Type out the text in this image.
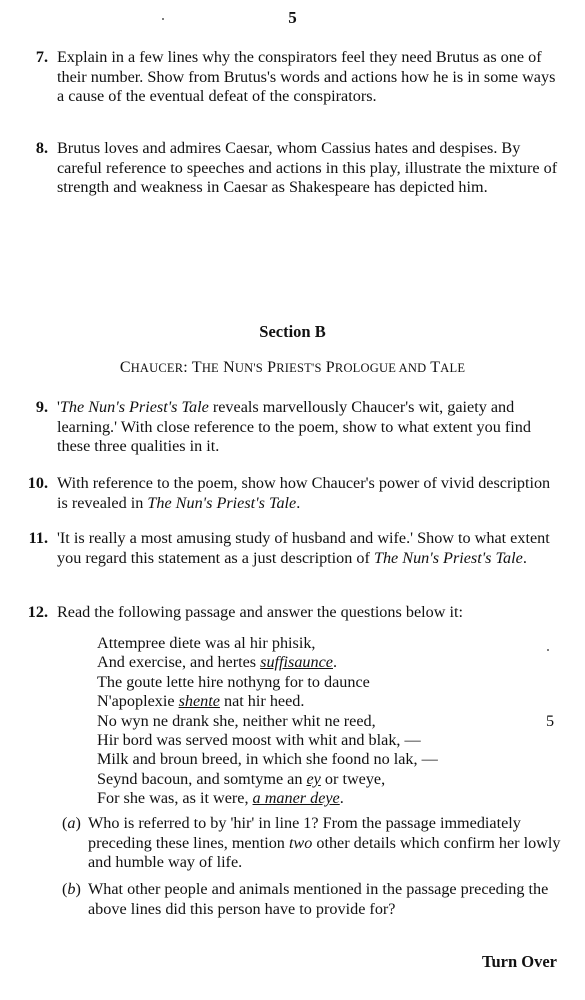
5
7. Explain in a few lines why the conspirators feel they need Brutus as one of their number. Show from Brutus's words and actions how he is in some ways a cause of the eventual defeat of the conspirators.
8. Brutus loves and admires Caesar, whom Cassius hates and despises. By careful reference to speeches and actions in this play, illustrate the mixture of strength and weakness in Caesar as Shakespeare has depicted him.
Section B
CHAUCER: THE NUN'S PRIEST'S PROLOGUE AND TALE
9. 'The Nun's Priest's Tale reveals marvellously Chaucer's wit, gaiety and learning.' With close reference to the poem, show to what extent you find these three qualities in it.
10. With reference to the poem, show how Chaucer's power of vivid description is revealed in The Nun's Priest's Tale.
11. 'It is really a most amusing study of husband and wife.' Show to what extent you regard this statement as a just description of The Nun's Priest's Tale.
12. Read the following passage and answer the questions below it:
Attempree diete was al hir phisik,
And exercise, and hertes suffisaunce.
The goute lette hire nothyng for to daunce
N'apoplexie shente nat hir heed.
No wyn ne drank she, neither whit ne reed,	5
Hir bord was served moost with whit and blak, —
Milk and broun breed, in which she foond no lak, —
Seynd bacoun, and somtyme an ey or tweye,
For she was, as it were, a maner deye.
(a) Who is referred to by 'hir' in line 1? From the passage immediately preceding these lines, mention two other details which confirm her lowly and humble way of life.
(b) What other people and animals mentioned in the passage preceding the above lines did this person have to provide for?
Turn Over
